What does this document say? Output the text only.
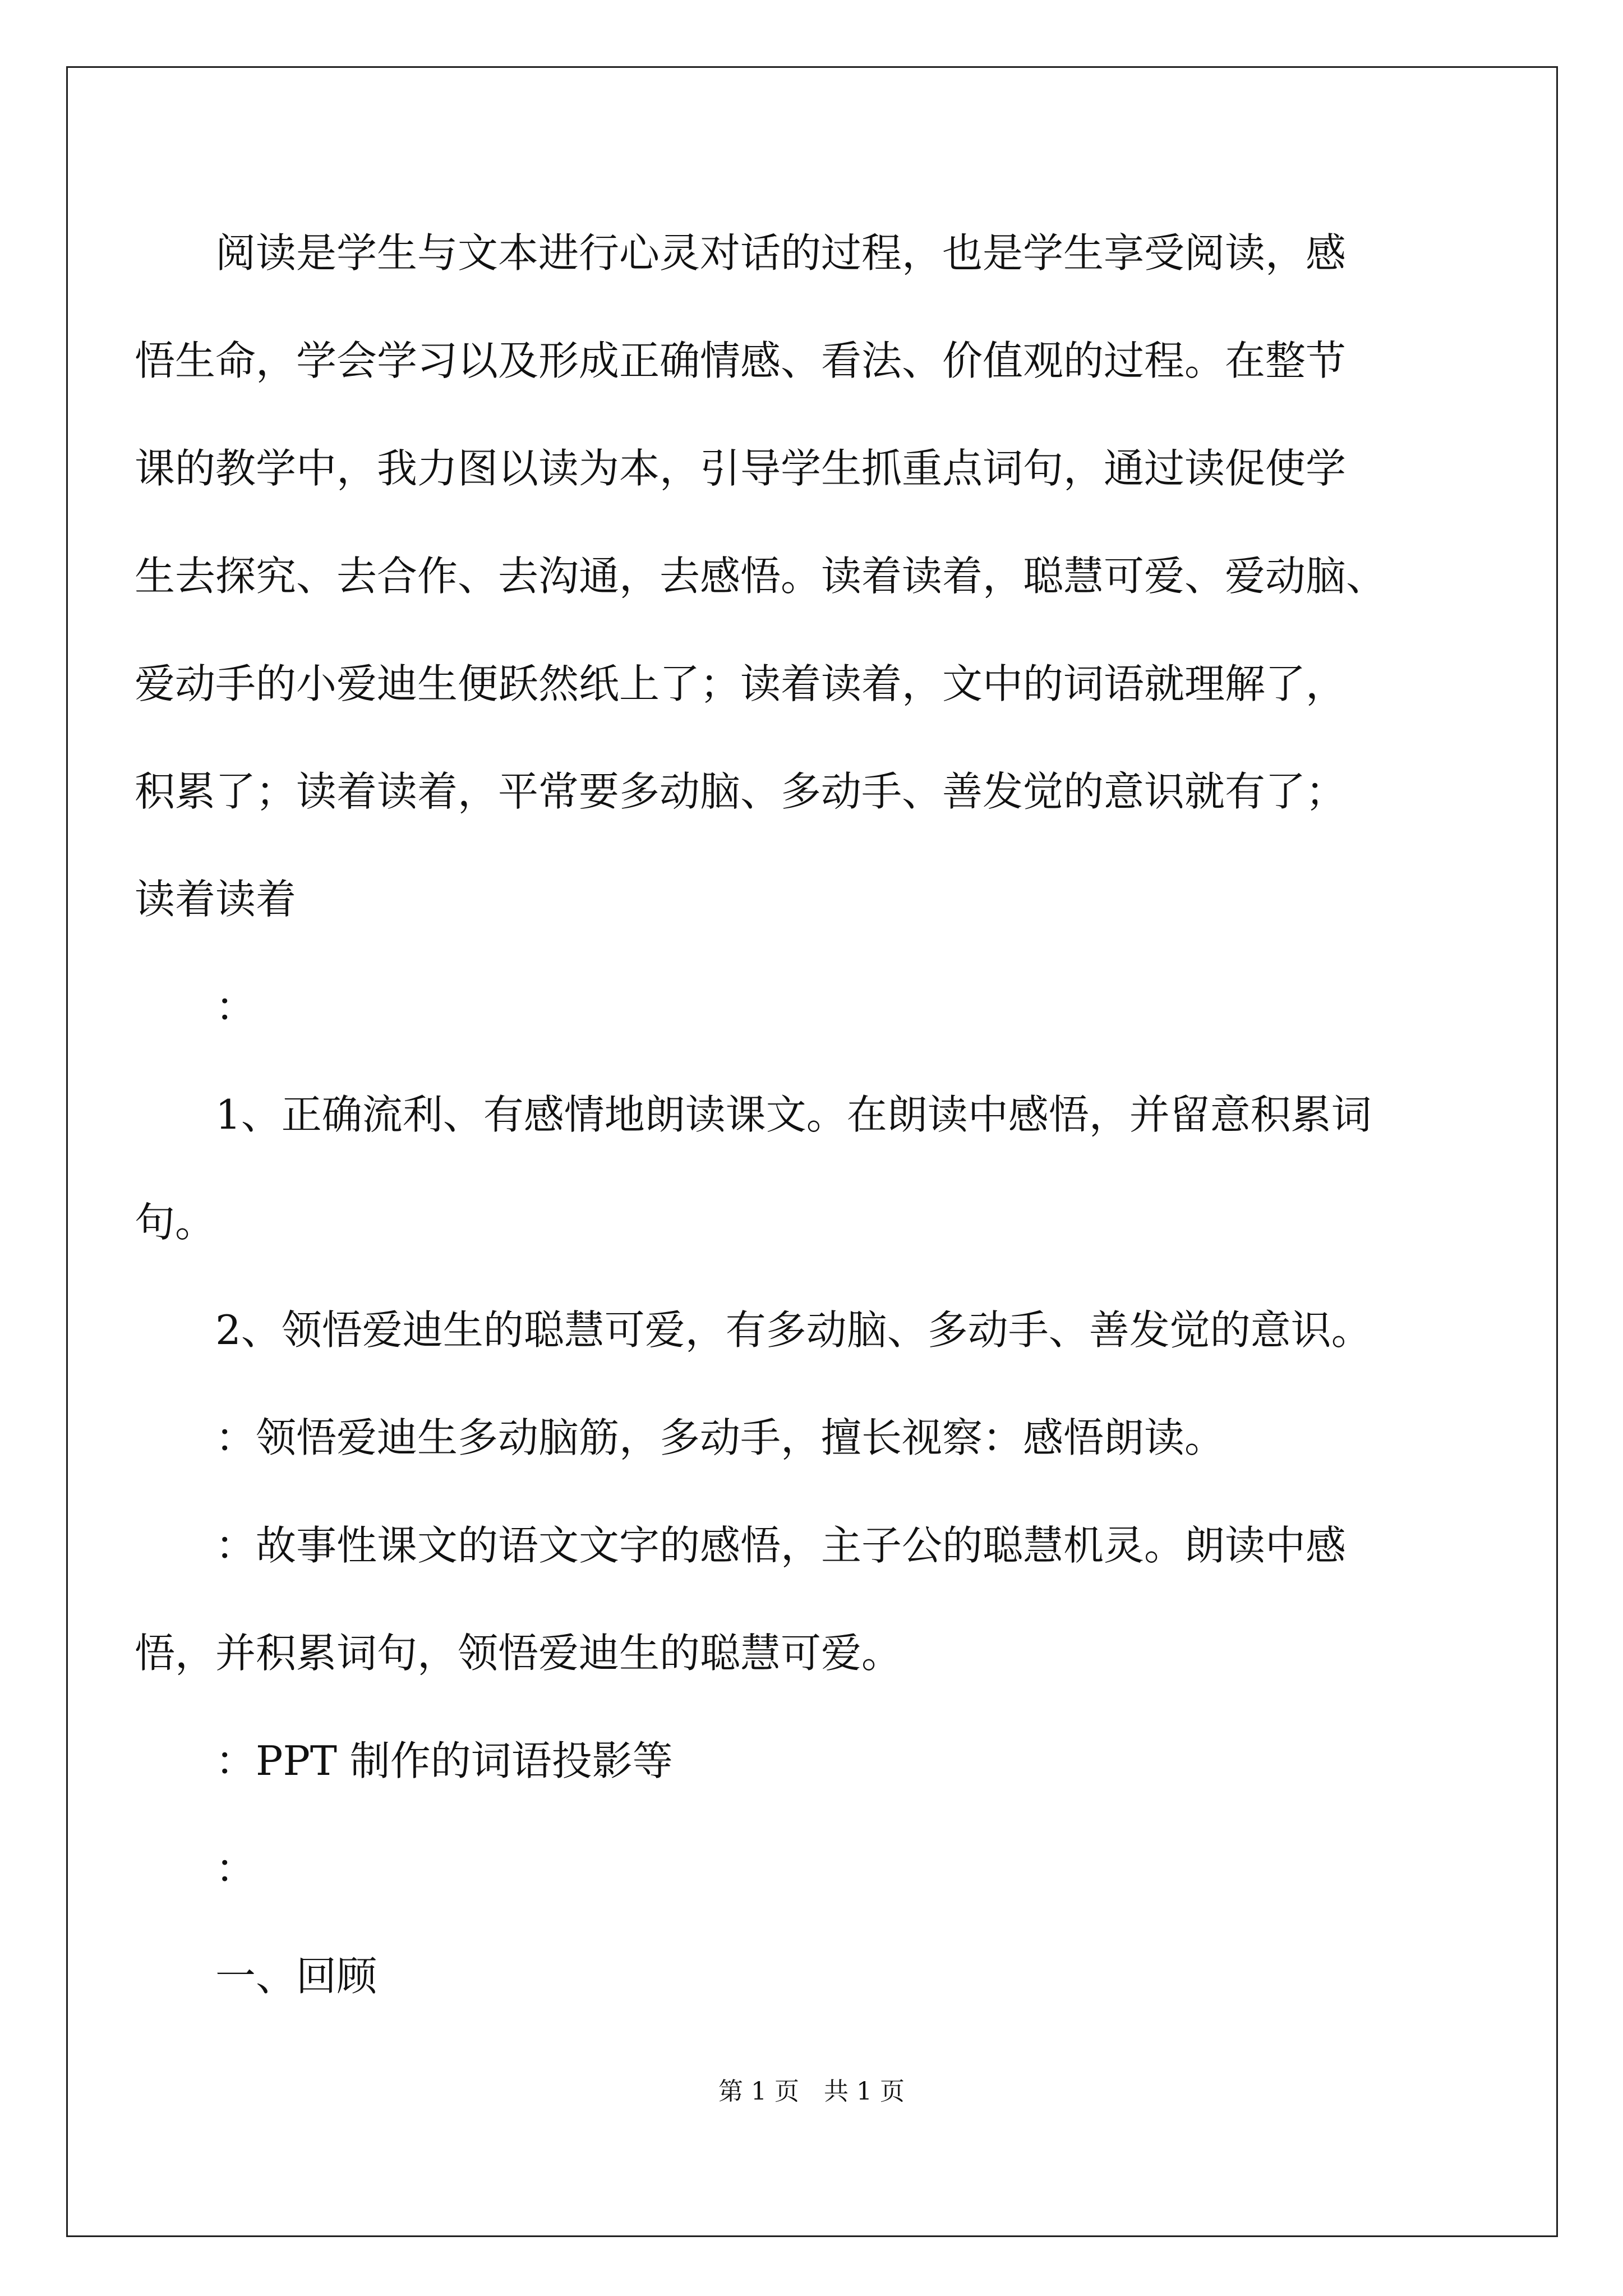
阅读是学生与文本进行心灵对话的过程，也是学生享受阅读，感
悟生命，学会学习以及形成正确情感、看法、价值观的过程。在整节
课的教学中，我力图以读为本，引导学生抓重点词句，通过读促使学
生去探究、去合作、去沟通，去感悟。读着读着，聪慧可爱、爱动脑、
爱动手的小爱迪生便跃然纸上了；读着读着，文中的词语就理解了，
积累了；读着读着，平常要多动脑、多动手、善发觉的意识就有了；
读着读着
：
1、正确流利、有感情地朗读课文。在朗读中感悟，并留意积累词
句。
2、领悟爱迪生的聪慧可爱，有多动脑、多动手、善发觉的意识。
：领悟爱迪生多动脑筋，多动手，擅长视察：感悟朗读。
：故事性课文的语文文字的感悟，主子公的聪慧机灵。朗读中感
悟，并积累词句，领悟爱迪生的聪慧可爱。
：PPT 制作的词语投影等
：
一、回顾
第 1 页　共 1 页
